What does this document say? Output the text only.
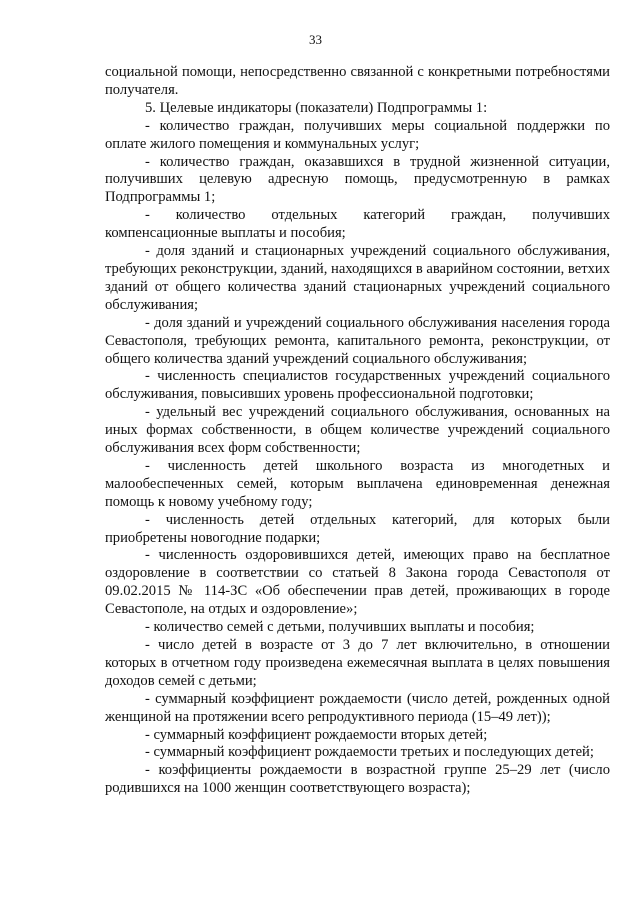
33

социальной помощи, непосредственно связанной с конкретными потребностями получателя.

5. Целевые индикаторы (показатели) Подпрограммы 1:

- количество граждан, получивших меры социальной поддержки по оплате жилого помещения и коммунальных услуг;

- количество граждан, оказавшихся в трудной жизненной ситуации, получивших целевую адресную помощь, предусмотренную в рамках Подпрограммы 1;

- количество отдельных категорий граждан, получивших компенсационные выплаты и пособия;

- доля зданий и стационарных учреждений социального обслуживания, требующих реконструкции, зданий, находящихся в аварийном состоянии, ветхих зданий от общего количества зданий стационарных учреждений социального обслуживания;

- доля зданий и учреждений социального обслуживания населения города Севастополя, требующих ремонта, капитального ремонта, реконструкции, от общего количества зданий учреждений социального обслуживания;

- численность специалистов государственных учреждений социального обслуживания, повысивших уровень профессиональной подготовки;

- удельный вес учреждений социального обслуживания, основанных на иных формах собственности, в общем количестве учреждений социального обслуживания всех форм собственности;

- численность детей школьного возраста из многодетных и малообеспеченных семей, которым выплачена единовременная денежная помощь к новому учебному году;

- численность детей отдельных категорий, для которых были приобретены новогодние подарки;

- численность оздоровившихся детей, имеющих право на бесплатное оздоровление в соответствии со статьей 8 Закона города Севастополя от 09.02.2015 № 114-ЗС «Об обеспечении прав детей, проживающих в городе Севастополе, на отдых и оздоровление»;

- количество семей с детьми, получивших выплаты и пособия;

- число детей в возрасте от 3 до 7 лет включительно, в отношении которых в отчетном году произведена ежемесячная выплата в целях повышения доходов семей с детьми;

- суммарный коэффициент рождаемости (число детей, рожденных одной женщиной на протяжении всего репродуктивного периода (15–49 лет));

- суммарный коэффициент рождаемости вторых детей;

- суммарный коэффициент рождаемости третьих и последующих детей;

- коэффициенты рождаемости в возрастной группе 25–29 лет (число родившихся на 1000 женщин соответствующего возраста);
